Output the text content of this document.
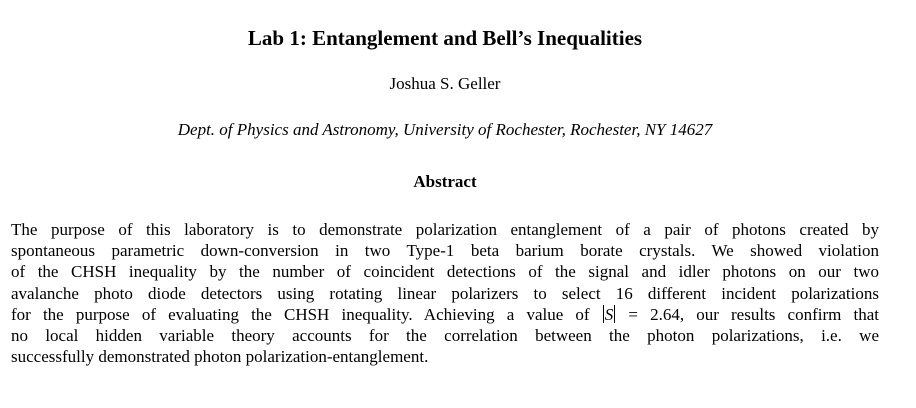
Lab 1: Entanglement and Bell’s Inequalities
Joshua S. Geller
Dept. of Physics and Astronomy, University of Rochester, Rochester, NY 14627
Abstract
The purpose of this laboratory is to demonstrate polarization entanglement of a pair of photons created by
spontaneous parametric down-conversion in two Type-1 beta barium borate crystals. We showed violation
of the CHSH inequality by the number of coincident detections of the signal and idler photons on our two
avalanche photo diode detectors using rotating linear polarizers to select 16 different incident polarizations
for the purpose of evaluating the CHSH inequality. Achieving a value of S = 2.64, our results confirm that
no local hidden variable theory accounts for the correlation between the photon polarizations, i.e. we
successfully demonstrated photon polarization-entanglement.
